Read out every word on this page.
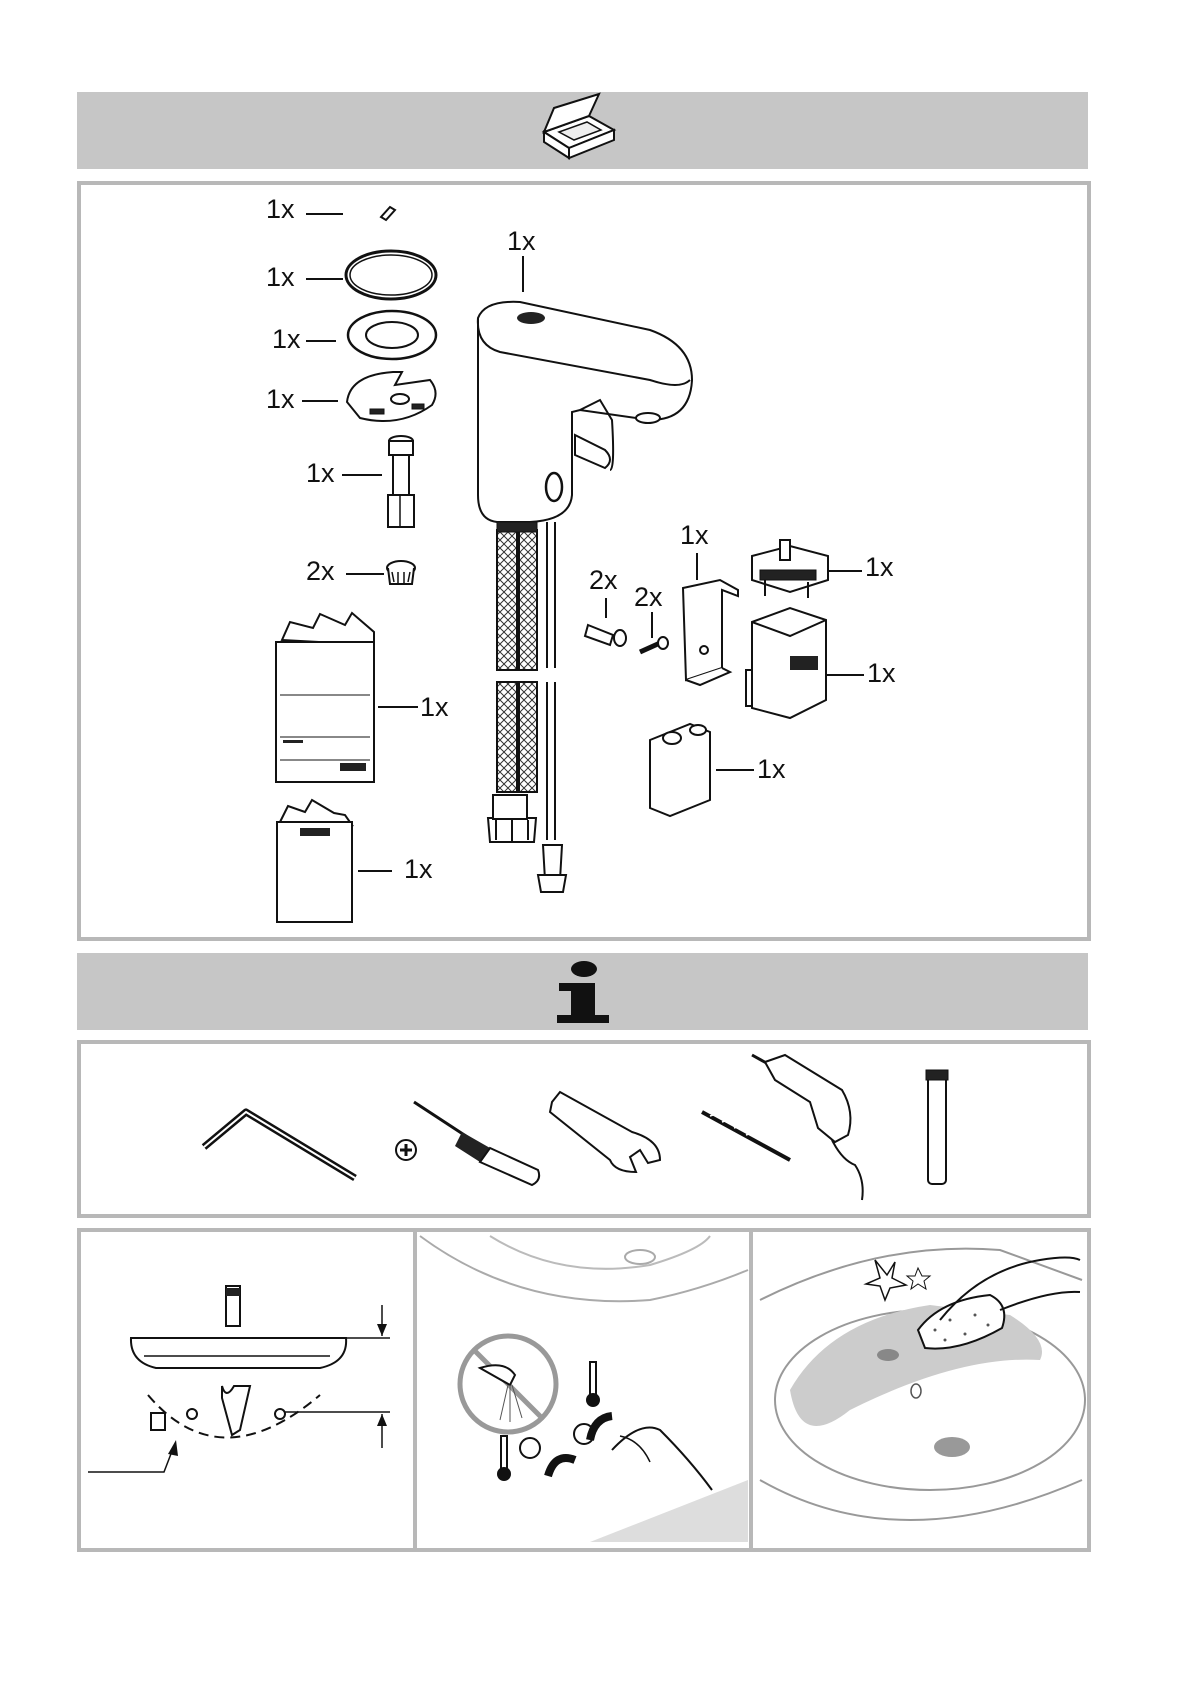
1x
1x
1x
1x
1x
2x
1x
1x
1x
2x
2x
1x
1x
1x
1x
